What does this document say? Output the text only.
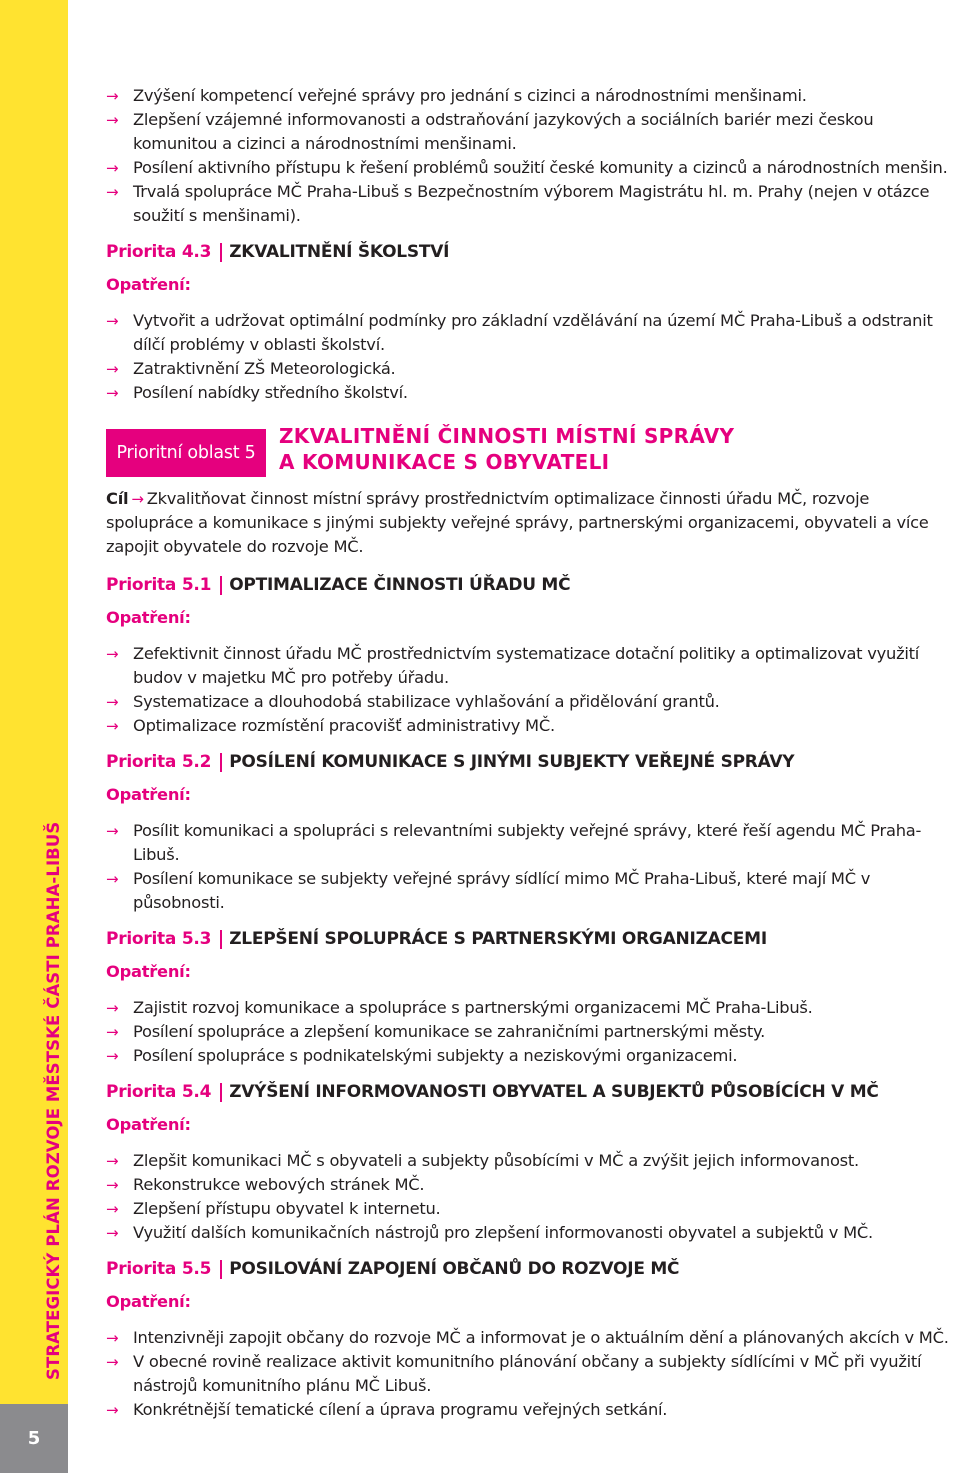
STRATEGICKÝ PLÁN ROZVOJE MĚSTSKÉ ČÁSTI PRAHA-LIBUŠ
5
→ Zvýšení kompetencí veřejné správy pro jednání s cizinci a národnostními menšinami.
→ Zlepšení vzájemné informovanosti a odstraňování jazykových a sociálních bariér mezi českou komunitou a cizinci a národnostními menšinami.
→ Posílení aktivního přístupu k řešení problémů soužití české komunity a cizinců a národnostních menšin.
→ Trvalá spolupráce MČ Praha-Libuš s Bezpečnostním výborem Magistrátu hl. m. Prahy (nejen v otázce soužití s menšinami).
Priorita 4.3 ZKVALITNĚNÍ ŠKOLSTVÍ
Opatření:
→ Vytvořit a udržovat optimální podmínky pro základní vzdělávání na území MČ Praha-Libuš a odstranit dílčí problémy v oblasti školství.
→ Zatraktivnění ZŠ Meteorologická.
→ Posílení nabídky středního školství.
Prioritní oblast 5
ZKVALITNĚNÍ ČINNOSTI MÍSTNÍ SPRÁVY
A KOMUNIKACE S OBYVATELI
Cíl → Zkvalitňovat činnost místní správy prostřednictvím optimalizace činnosti úřadu MČ, rozvoje spolupráce a komunikace s jinými subjekty veřejné správy, partnerskými organizacemi, obyvateli a více zapojit obyvatele do rozvoje MČ.
Priorita 5.1 OPTIMALIZACE ČINNOSTI ÚŘADU MČ
Opatření:
→ Zefektivnit činnost úřadu MČ prostřednictvím systematizace dotační politiky a optimalizovat využití budov v majetku MČ pro potřeby úřadu.
→ Systematizace a dlouhodobá stabilizace vyhlašování a přidělování grantů.
→ Optimalizace rozmístění pracovišť administrativy MČ.
Priorita 5.2 POSÍLENÍ KOMUNIKACE S JINÝMI SUBJEKTY VEŘEJNÉ SPRÁVY
Opatření:
→ Posílit komunikaci a spolupráci s relevantními subjekty veřejné správy, které řeší agendu MČ Praha-Libuš.
→ Posílení komunikace se subjekty veřejné správy sídlící mimo MČ Praha-Libuš, které mají MČ v působnosti.
Priorita 5.3 ZLEPŠENÍ SPOLUPRÁCE S PARTNERSKÝMI ORGANIZACEMI
Opatření:
→ Zajistit rozvoj komunikace a spolupráce s partnerskými organizacemi MČ Praha-Libuš.
→ Posílení spolupráce a zlepšení komunikace se zahraničními partnerskými městy.
→ Posílení spolupráce s podnikatelskými subjekty a neziskovými organizacemi.
Priorita 5.4 ZVÝŠENÍ INFORMOVANOSTI OBYVATEL A SUBJEKTŮ PŮSOBÍCÍCH V MČ
Opatření:
→ Zlepšit komunikaci MČ s obyvateli a subjekty působícími v MČ a zvýšit jejich informovanost.
→ Rekonstrukce webových stránek MČ.
→ Zlepšení přístupu obyvatel k internetu.
→ Využití dalších komunikačních nástrojů pro zlepšení informovanosti obyvatel a subjektů v MČ.
Priorita 5.5 POSILOVÁNÍ ZAPOJENÍ OBČANŮ DO ROZVOJE MČ
Opatření:
→ Intenzivněji zapojit občany do rozvoje MČ a informovat je o aktuálním dění a plánovaných akcích v MČ.
→ V obecné rovině realizace aktivit komunitního plánování občany a subjekty sídlícími v MČ při využití nástrojů komunitního plánu MČ Libuš.
→ Konkrétnější tematické cílení a úprava programu veřejných setkání.
